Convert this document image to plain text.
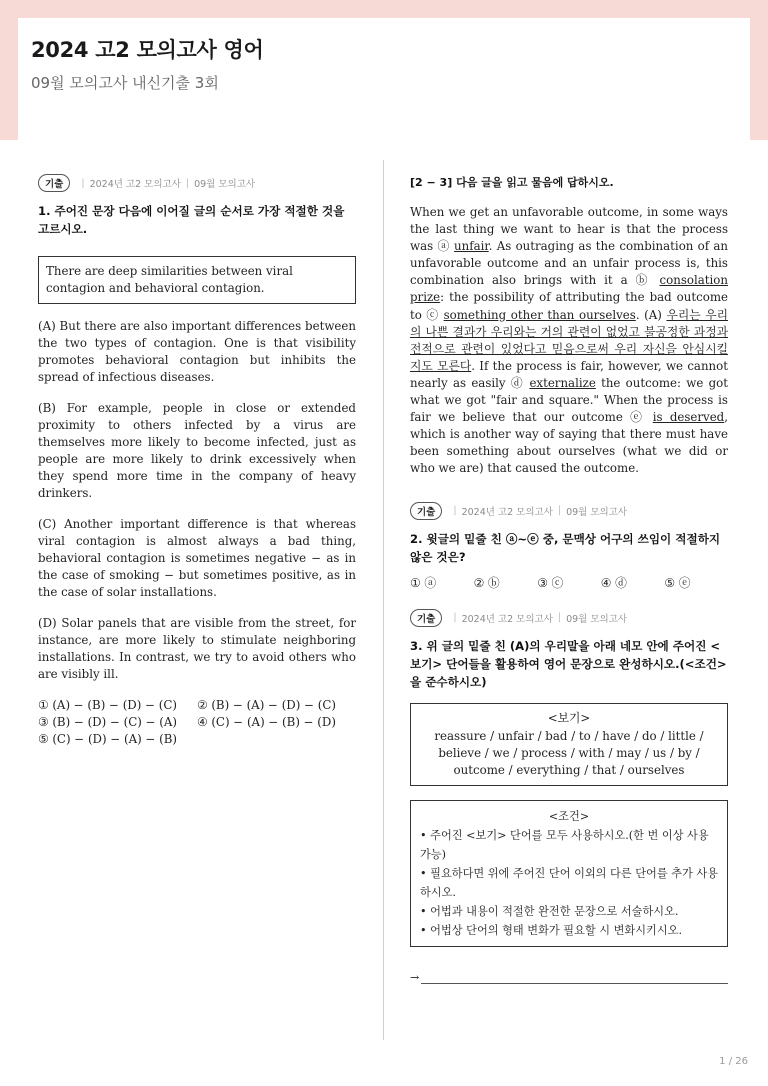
2024 고2 모의고사 영어
09월 모의고사 내신기출 3회
기출	| 2024년 고2 모의고사 | 09월 모의고사
1. 주어진 문장 다음에 이어질 글의 순서로 가장 적절한 것을 고르시오.
There are deep similarities between viral contagion and behavioral contagion.
(A) But there are also important differences between the two types of contagion. One is that visibility promotes behavioral contagion but inhibits the spread of infectious diseases.
(B) For example, people in close or extended proximity to others infected by a virus are themselves more likely to become infected, just as people are more likely to drink excessively when they spend more time in the company of heavy drinkers.
(C) Another important difference is that whereas viral contagion is almost always a bad thing, behavioral contagion is sometimes negative − as in the case of smoking − but sometimes positive, as in the case of solar installations.
(D) Solar panels that are visible from the street, for instance, are more likely to stimulate neighboring installations. In contrast, we try to avoid others who are visibly ill.
① (A) − (B) − (D) − (C)	② (B) − (A) − (D) − (C)
③ (B) − (D) − (C) − (A)	④ (C) − (A) − (B) − (D)
⑤ (C) − (D) − (A) − (B)
[2 − 3] 다음 글을 읽고 물음에 답하시오.
When we get an unfavorable outcome, in some ways the last thing we want to hear is that the process was ⓐ unfair. As outraging as the combination of an unfavorable outcome and an unfair process is, this combination also brings with it a ⓑ consolation prize: the possibility of attributing the bad outcome to ⓒ something other than ourselves. (A) 우리는 우리의 나쁜 결과가 우리와는 거의 관련이 없었고 불공정한 과정과 전적으로 관련이 있었다고 믿음으로써 우리 자신을 안심시킬지도 모른다. If the process is fair, however, we cannot nearly as easily ⓓ externalize the outcome: we got what we got "fair and square." When the process is fair we believe that our outcome ⓔ is deserved, which is another way of saying that there must have been something about ourselves (what we did or who we are) that caused the outcome.
기출	| 2024년 고2 모의고사 | 09월 모의고사
2. 윗글의 밑줄 친 ⓐ~ⓔ 중, 문맥상 어구의 쓰임이 적절하지 않은 것은?
① ⓐ	② ⓑ	③ ⓒ	④ ⓓ	⑤ ⓔ
기출	| 2024년 고2 모의고사 | 09월 모의고사
3. 위 글의 밑줄 친 (A)의 우리말을 아래 네모 안에 주어진 <보기> 단어들을 활용하여 영어 문장으로 완성하시오.(<조건>을 준수하시오)
<보기>
reassure / unfair / bad / to / have / do / little / believe / we / process / with / may / us / by / outcome / everything / that / ourselves
<조건>
• 주어진 <보기> 단어를 모두 사용하시오.(한 번 이상 사용 가능)
• 필요하다면 위에 주어진 단어 이외의 다른 단어를 추가 사용하시오.
• 어법과 내용이 적절한 완전한 문장으로 서술하시오.
• 어법상 단어의 형태 변화가 필요할 시 변화시키시오.
→
1 / 26
